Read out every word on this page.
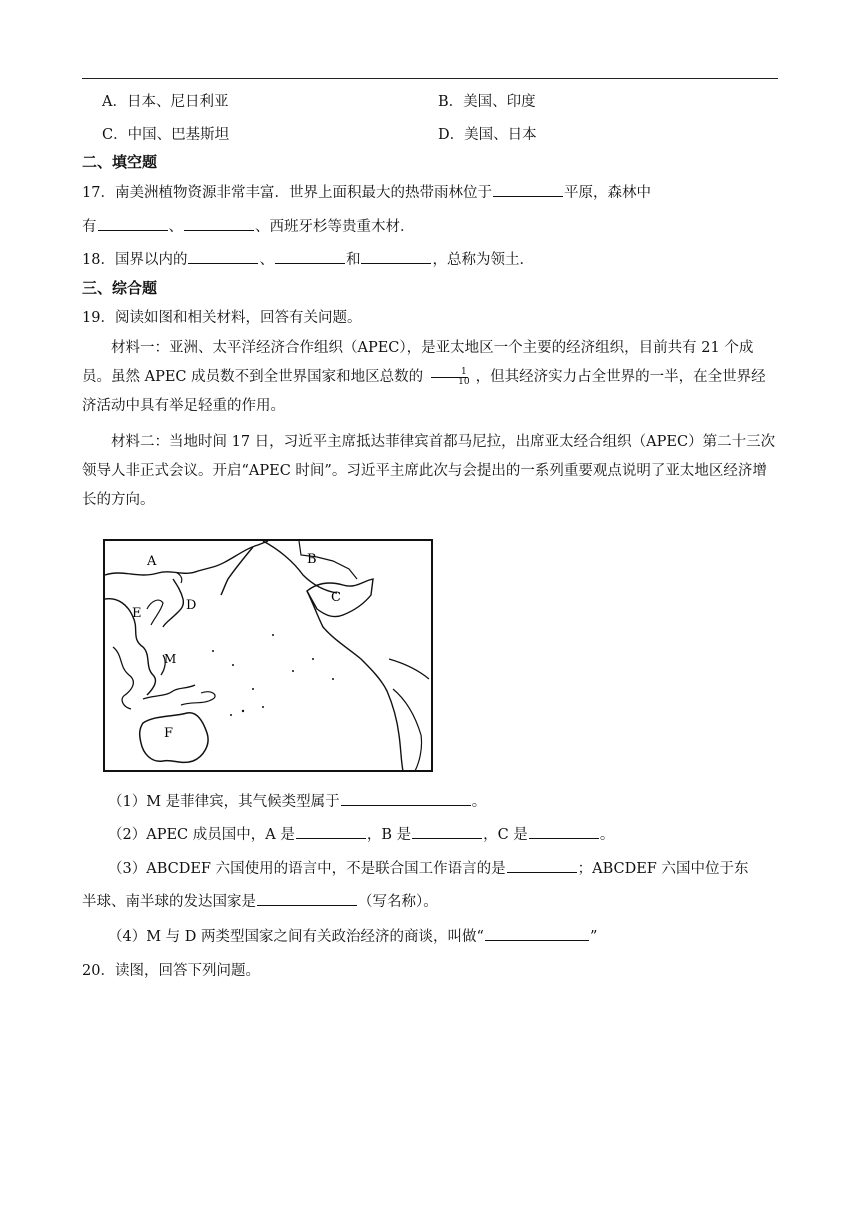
A．日本、尼日利亚	B．美国、印度
C．中国、巴基斯坦	D．美国、日本
二、填空题
17．南美洲植物资源非常丰富．世界上面积最大的热带雨林位于	平原，森林中
有	、	、西班牙杉等贵重木材．
18．国界以内的	、	和	，总称为领土．
三、综合题
19．阅读如图和相关材料，回答有关问题。
材料一：亚洲、太平洋经济合作组织（APEC），是亚太地区一个主要的经济组织，目前共有 21 个成员。虽然 APEC 成员数不到全世界国家和地区总数的 $\frac{1}{10}$ ，但其经济实力占全世界的一半，在全世界经济活动中具有举足轻重的作用。
材料二：当地时间 17 日，习近平主席抵达菲律宾首都马尼拉，出席亚太经合组织（APEC）第二十三次领导人非正式会议。开启“APEC 时间”。习近平主席此次与会提出的一系列重要观点说明了亚太地区经济增长的方向。
A	B
C
D
E
F
M
（1）M 是菲律宾，其气候类型属于	。
（2）APEC 成员国中，A 是	，B 是	，C 是	。
（3）ABCDEF 六国使用的语言中，不是联合国工作语言的是	；ABCDEF 六国中位于东
半球、南半球的发达国家是	（写名称）。
（4）M 与 D 两类型国家之间有关政治经济的商谈，叫做“	”
20．读图，回答下列问题。
